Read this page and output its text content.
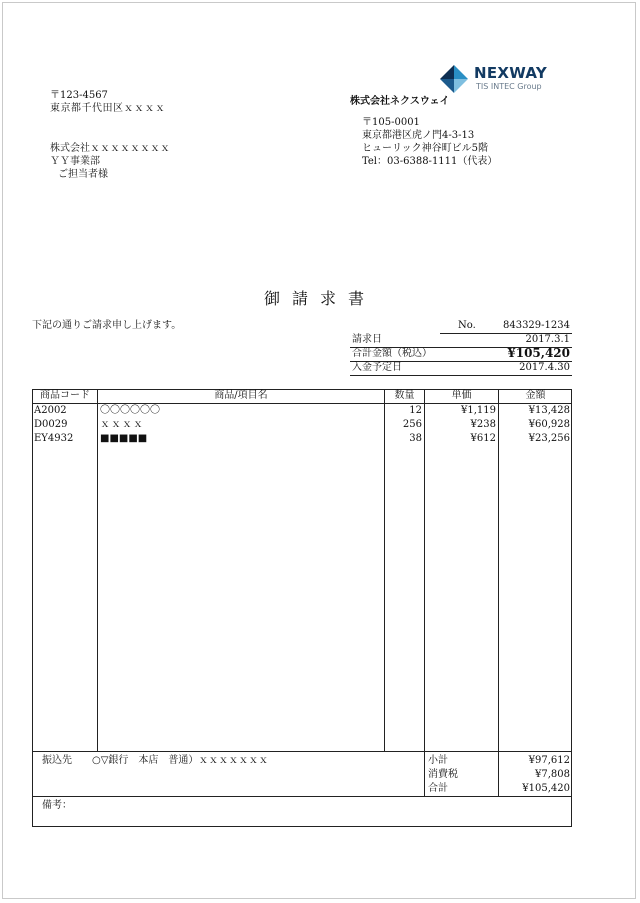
〒123-4567
東京都千代田区ｘｘｘｘ
株式会社ｘｘｘｘｘｘｘｘ
ＹＹ事業部
ご担当者様
NEXWAY
TIS INTEC Group
株式会社ネクスウェイ
〒105-0001
東京都港区虎ノ門4-3-13
ヒューリック神谷町ビル5階
Tel：03-6388-1111（代表）
御請求書
下記の通りご請求申し上げます。	No.	843329-1234
請求日	2017.3.1
合計金額（税込）	¥105,420
入金予定日	2017.4.30
商品コード	商品/項目名	数量	単価	金額
A2002	〇〇〇〇〇〇	12	¥1,119	¥13,428
D0029	ｘｘｘｘ	256	¥238	¥60,928
EY4932	■■■■■	38	¥612	¥23,256
振込先 ○▽銀行　本店　普通）ｘｘｘｘｘｘｘ	小計	¥97,612
消費税	¥7,808
合計	¥105,420
備考：
